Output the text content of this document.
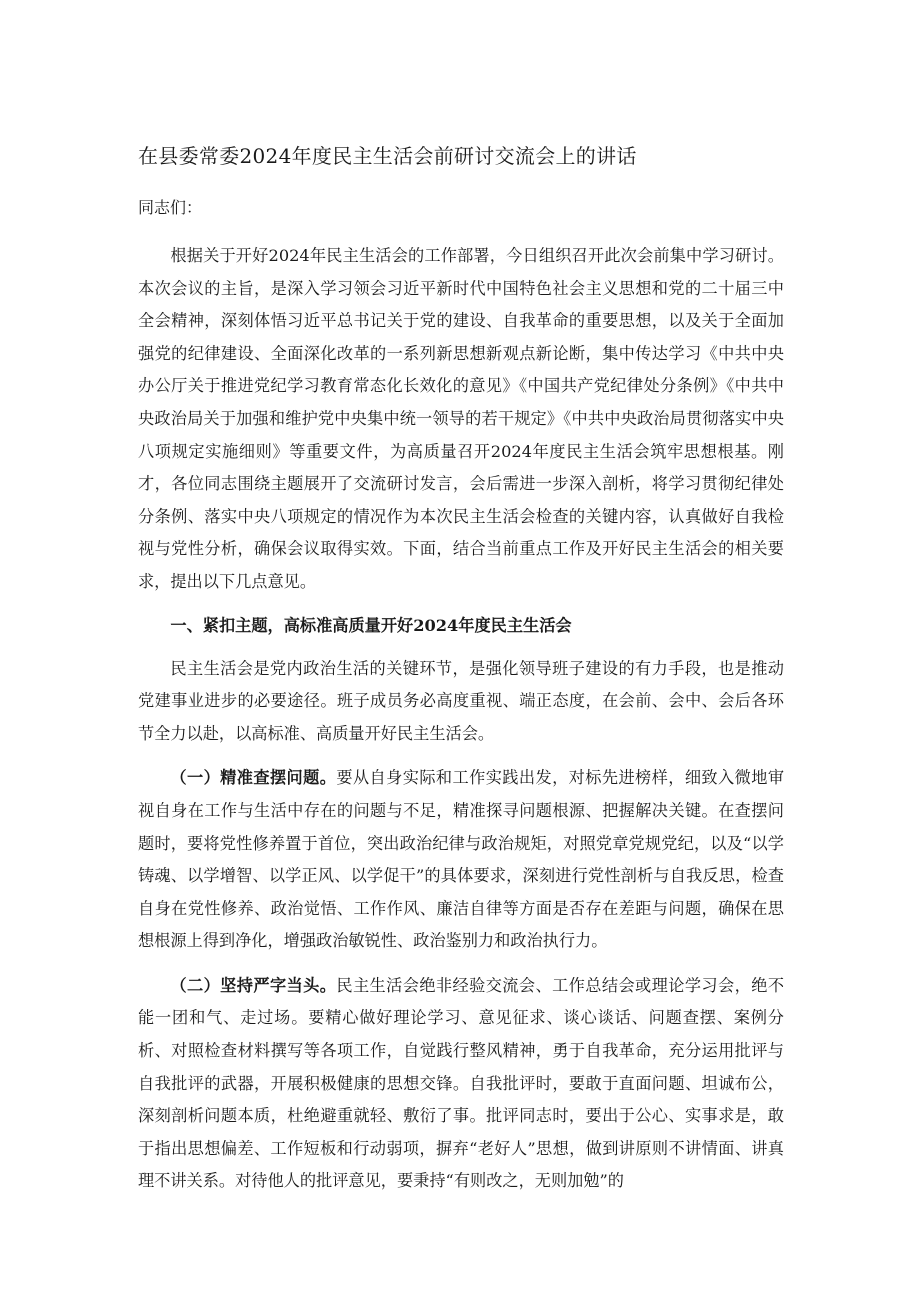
在县委常委2024年度民主生活会前研讨交流会上的讲话
同志们：

根据关于开好2024年民主生活会的工作部署，今日组织召开此次会前集中学习研讨。本次会议的主旨，是深入学习领会习近平新时代中国特色社会主义思想和党的二十届三中全会精神，深刻体悟习近平总书记关于党的建设、自我革命的重要思想，以及关于全面加强党的纪律建设、全面深化改革的一系列新思想新观点新论断，集中传达学习《中共中央办公厅关于推进党纪学习教育常态化长效化的意见》《中国共产党纪律处分条例》《中共中央政治局关于加强和维护党中央集中统一领导的若干规定》《中共中央政治局贯彻落实中央八项规定实施细则》等重要文件，为高质量召开2024年度民主生活会筑牢思想根基。刚才，各位同志围绕主题展开了交流研讨发言，会后需进一步深入剖析，将学习贯彻纪律处分条例、落实中央八项规定的情况作为本次民主生活会检查的关键内容，认真做好自我检视与党性分析，确保会议取得实效。下面，结合当前重点工作及开好民主生活会的相关要求，提出以下几点意见。

一、紧扣主题，高标准高质量开好2024年度民主生活会

民主生活会是党内政治生活的关键环节，是强化领导班子建设的有力手段，也是推动党建事业进步的必要途径。班子成员务必高度重视、端正态度，在会前、会中、会后各环节全力以赴，以高标准、高质量开好民主生活会。

（一）精准查摆问题。要从自身实际和工作实践出发，对标先进榜样，细致入微地审视自身在工作与生活中存在的问题与不足，精准探寻问题根源、把握解决关键。在查摆问题时，要将党性修养置于首位，突出政治纪律与政治规矩，对照党章党规党纪，以及“以学铸魂、以学增智、以学正风、以学促干”的具体要求，深刻进行党性剖析与自我反思，检查自身在党性修养、政治觉悟、工作作风、廉洁自律等方面是否存在差距与问题，确保在思想根源上得到净化，增强政治敏锐性、政治鉴别力和政治执行力。

（二）坚持严字当头。民主生活会绝非经验交流会、工作总结会或理论学习会，绝不能一团和气、走过场。要精心做好理论学习、意见征求、谈心谈话、问题查摆、案例分析、对照检查材料撰写等各项工作，自觉践行整风精神，勇于自我革命，充分运用批评与自我批评的武器，开展积极健康的思想交锋。自我批评时，要敢于直面问题、坦诚布公，深刻剖析问题本质，杜绝避重就轻、敷衍了事。批评同志时，要出于公心、实事求是，敢于指出思想偏差、工作短板和行动弱项，摒弃“老好人”思想，做到讲原则不讲情面、讲真理不讲关系。对待他人的批评意见，要秉持“有则改之，无则加勉”的
